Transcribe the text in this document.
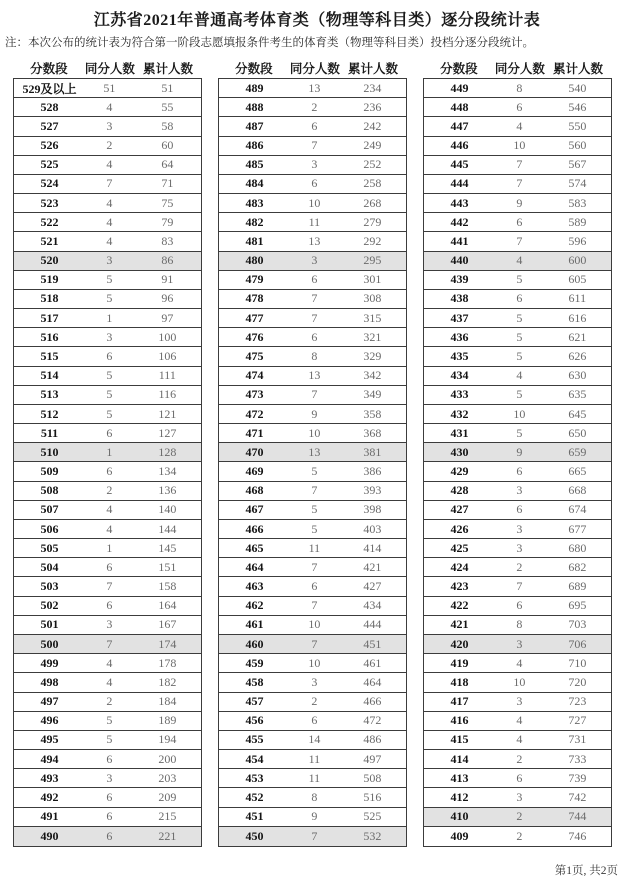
江苏省2021年普通高考体育类（物理等科目类）逐分段统计表
注：本次公布的统计表为符合第一阶段志愿填报条件考生的体育类（物理等科目类）投档分逐分段统计。
分数段	同分人数 累计人数
529及以上	51	51
528	4	55
527	3	58
526	2	60
525	4	64
524	7	71
523	4	75
522	4	79
521	4	83
520	3	86
519	5	91
518	5	96
517	1	97
516	3	100
515	6	106
514	5	111
513	5	116
512	5	121
511	6	127
510	1	128
509	6	134
508	2	136
507	4	140
506	4	144
505	1	145
504	6	151
503	7	158
502	6	164
501	3	167
500	7	174
499	4	178
498	4	182
497	2	184
496	5	189
495	5	194
494	6	200
493	3	203
492	6	209
491	6	215
490	6	221
分数段	同分人数 累计人数
489	13	234
488	2	236
487	6	242
486	7	249
485	3	252
484	6	258
483	10	268
482	11	279
481	13	292
480	3	295
479	6	301
478	7	308
477	7	315
476	6	321
475	8	329
474	13	342
473	7	349
472	9	358
471	10	368
470	13	381
469	5	386
468	7	393
467	5	398
466	5	403
465	11	414
464	7	421
463	6	427
462	7	434
461	10	444
460	7	451
459	10	461
458	3	464
457	2	466
456	6	472
455	14	486
454	11	497
453	11	508
452	8	516
451	9	525
450	7	532
分数段	同分人数 累计人数
449	8	540
448	6	546
447	4	550
446	10	560
445	7	567
444	7	574
443	9	583
442	6	589
441	7	596
440	4	600
439	5	605
438	6	611
437	5	616
436	5	621
435	5	626
434	4	630
433	5	635
432	10	645
431	5	650
430	9	659
429	6	665
428	3	668
427	6	674
426	3	677
425	3	680
424	2	682
423	7	689
422	6	695
421	8	703
420	3	706
419	4	710
418	10	720
417	3	723
416	4	727
415	4	731
414	2	733
413	6	739
412	3	742
410	2	744
409	2	746
第1页, 共2页
